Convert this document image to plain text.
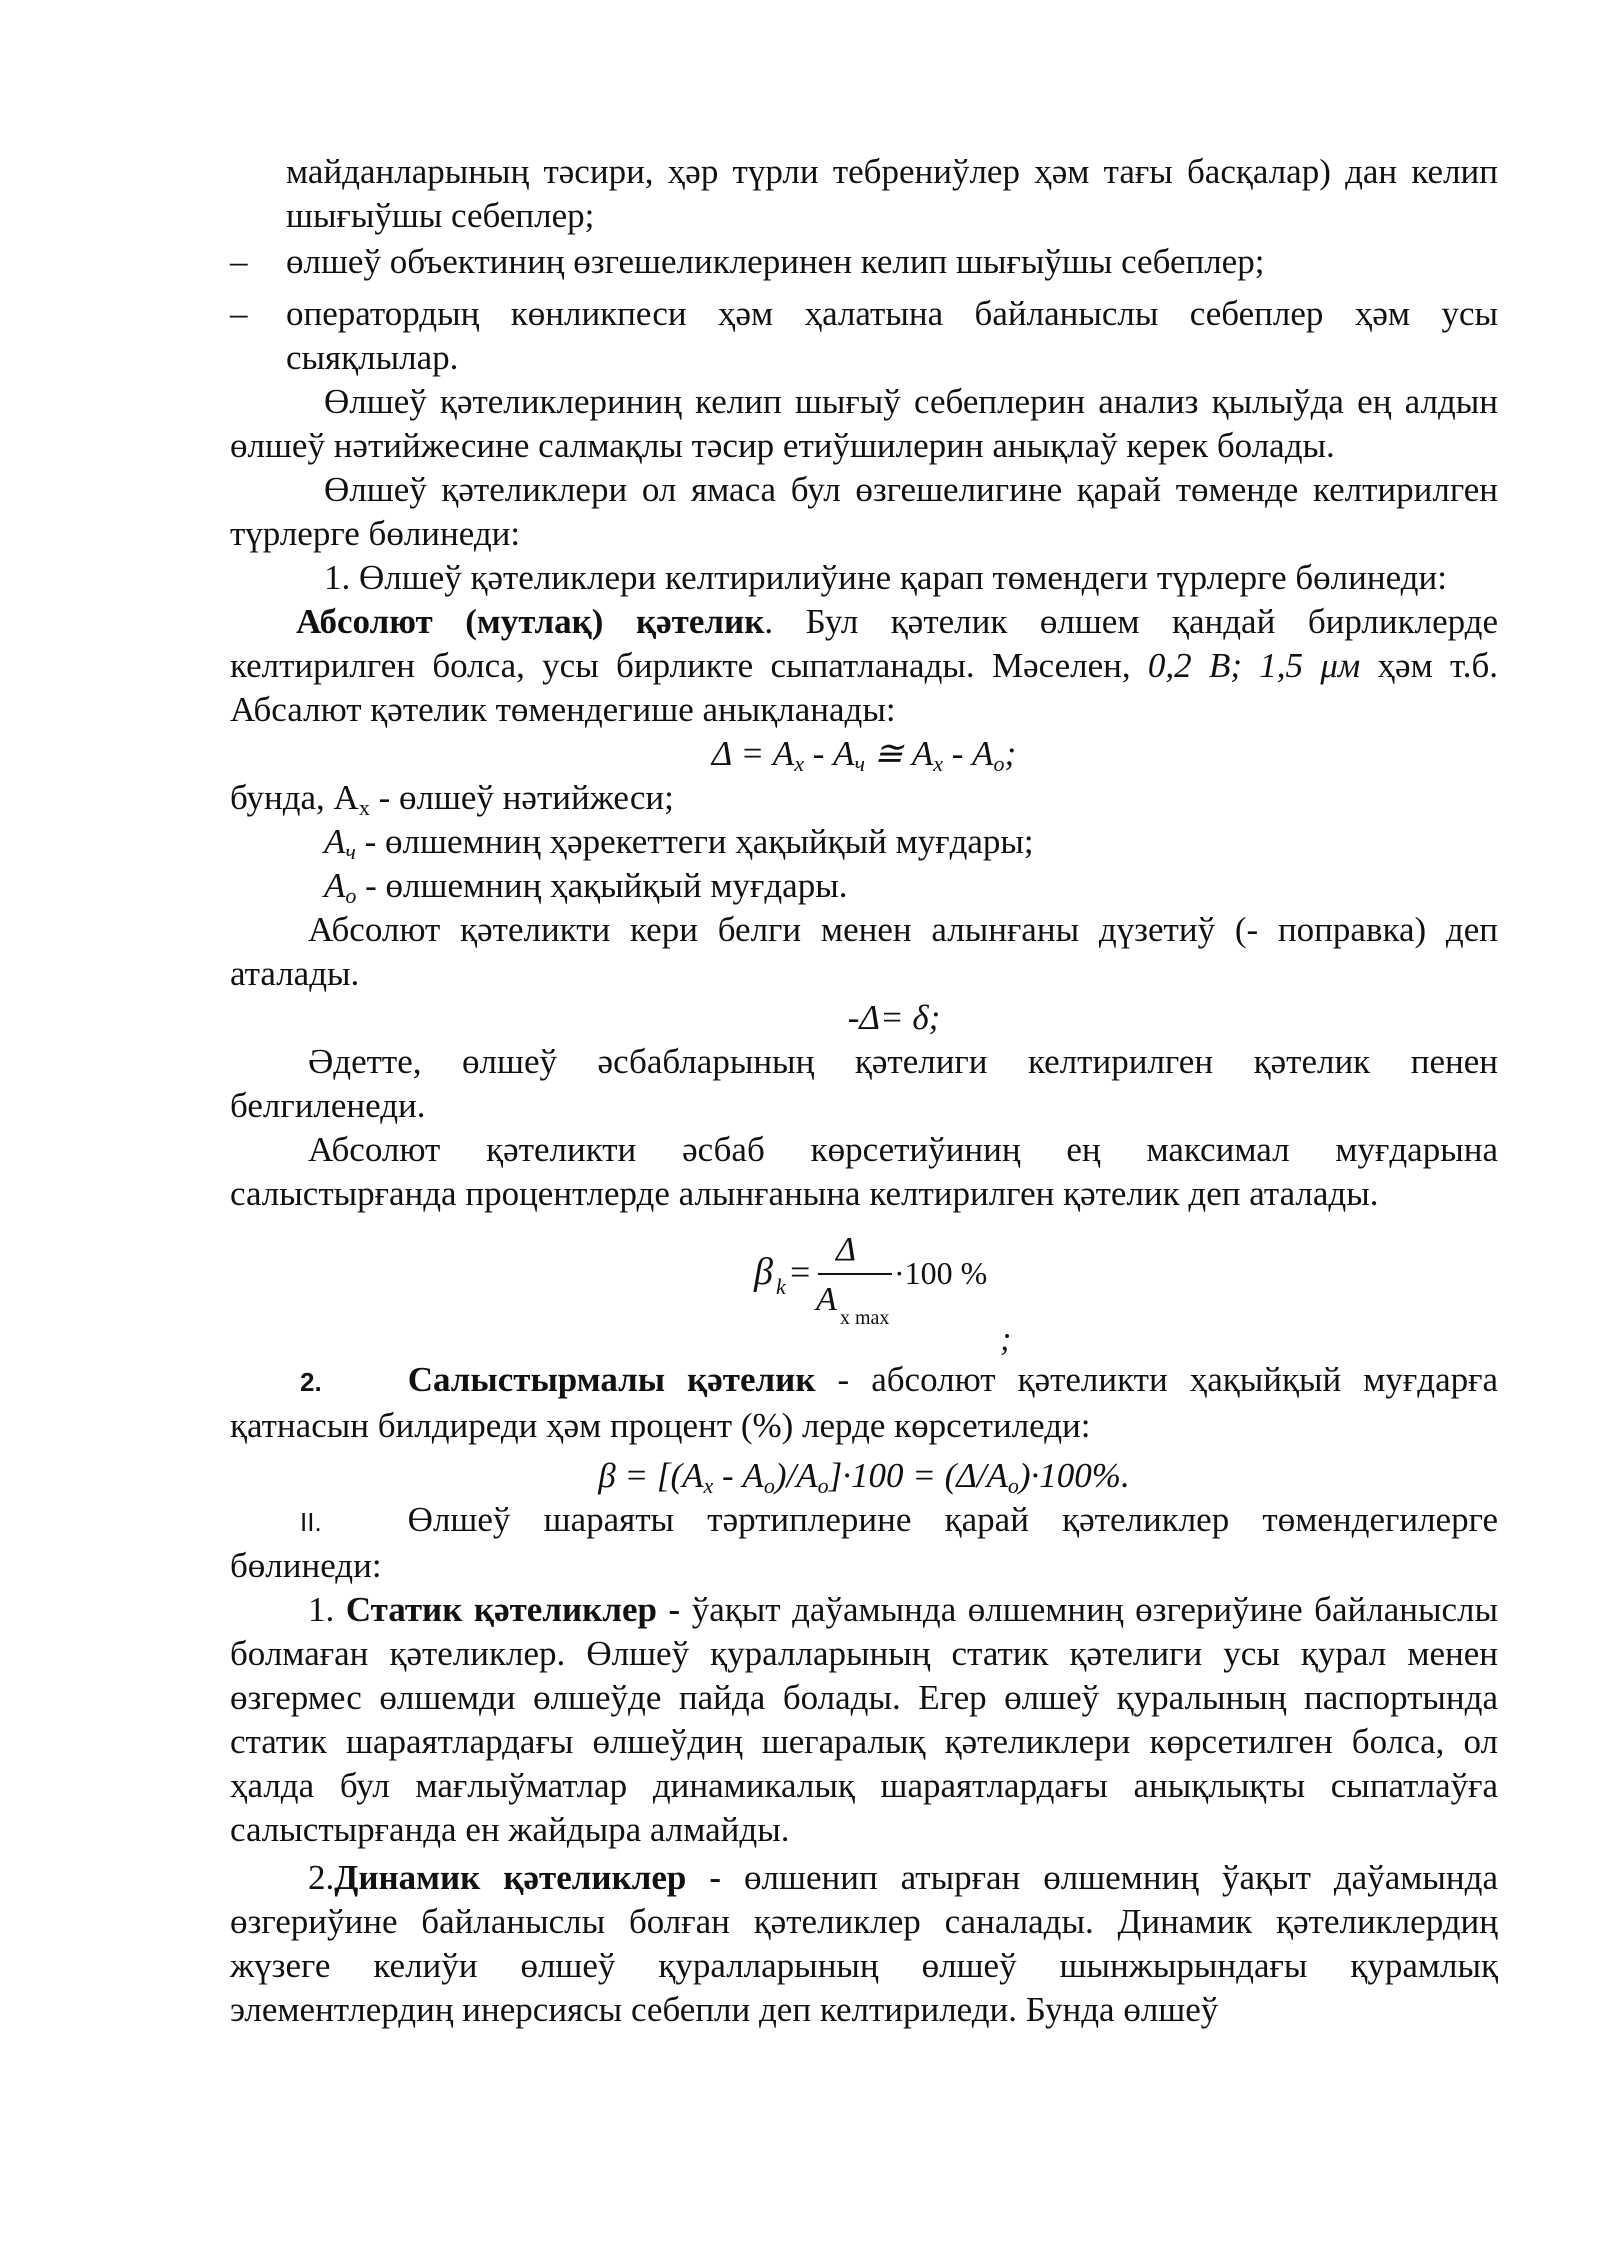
майданларының тәсири, ҳәр түрли тебрениўлер ҳәм тағы басқалар) дан келип шығыўшы себеплер;

–	өлшеў объектиниң өзгешеликлеринен келип шығыўшы себеплер;
–	оператордың көнликпеси ҳәм ҳалатына байланыслы себеплер ҳәм усы сыяқлылар.

Өлшеў қәтеликлериниң келип шығыў себеплерин анализ қылыўда ең алдын өлшеў нәтийжесине салмақлы тәсир етиўшилерин анықлаў керек болады.

Өлшеў қәтеликлери ол ямаса бул өзгешелигине қарай төменде келтирилген түрлерге бөлинеди:

1. Өлшеў қәтеликлери келтирилиўине қарап төмендеги түрлерге бөлинеди:

Абсолют (мутлақ) қәтелик. Бул қәтелик өлшем қандай бирликлерде келтирилген болса, усы бирликте сыпатланады. Мәселен, 0,2 В; 1,5 μм ҳәм т.б. Абсалют қәтелик төмендегише анықланады:

$\Delta = А_х - А_ч$ ≅ $А_х - А_о$;

бунда, $А_х$ - өлшеў нәтийжеси;

$А_ч$ - өлшемниң ҳәрекеттеги ҳақыйқый муғдары;

$А_о$ - өлшемниң ҳақыйқый муғдары.

Абсолют қәтеликти кери белги менен алынғаны дүзетиў (- поправка) деп аталады.

-Δ= δ;

Әдетте, өлшеў әсбабларының қәтелиги келтирилген қәтелик пенен белгиленеди.

Абсолют қәтеликти әсбаб көрсетиўиниң ең максимал муғдарына салыстырғанда процентлерде алынғанына келтирилген қәтелик деп аталады.

β k =
Δ
A x max
·100 %
;

2. Салыстырмалы қәтелик - абсолют қәтеликти ҳақыйқый муғдарға қатнасын билдиреди ҳәм процент (%) лерде көрсетиледи:

$\beta = [(А_х - А_о)/А_о]\cdot 100 = (\Delta/А_о)\cdot 100\%$.

II. Өлшеў шараяты тәртиплерине қарай қәтеликлер төмендегилерге бөлинеди:

1. Статик қәтеликлер - ўақыт даўамында өлшемниң өзгериўине байланыслы болмаған қәтеликлер. Өлшеў қуралларының статик қәтелиги усы қурал менен өзгермес өлшемди өлшеўде пайда болады. Егер өлшеў қуралының паспортында статик шараятлардағы өлшеўдиң шегаралық қәтеликлери көрсетилген болса, ол ҳалда бул мағлыўматлар динамикалық шараятлардағы анықлықты сыпатлаўға салыстырғанда ен жайдыра алмайды.

2.Динамик қәтеликлер - өлшенип атырған өлшемниң ўақыт даўамында өзгериўине байланыслы болған қәтеликлер саналады. Динамик қәтеликлердиң жүзеге келиўи өлшеў қуралларының өлшеў шынжырындағы қурамлық элементлердиң инерсиясы себепли деп келтириледи. Бунда өлшеў
